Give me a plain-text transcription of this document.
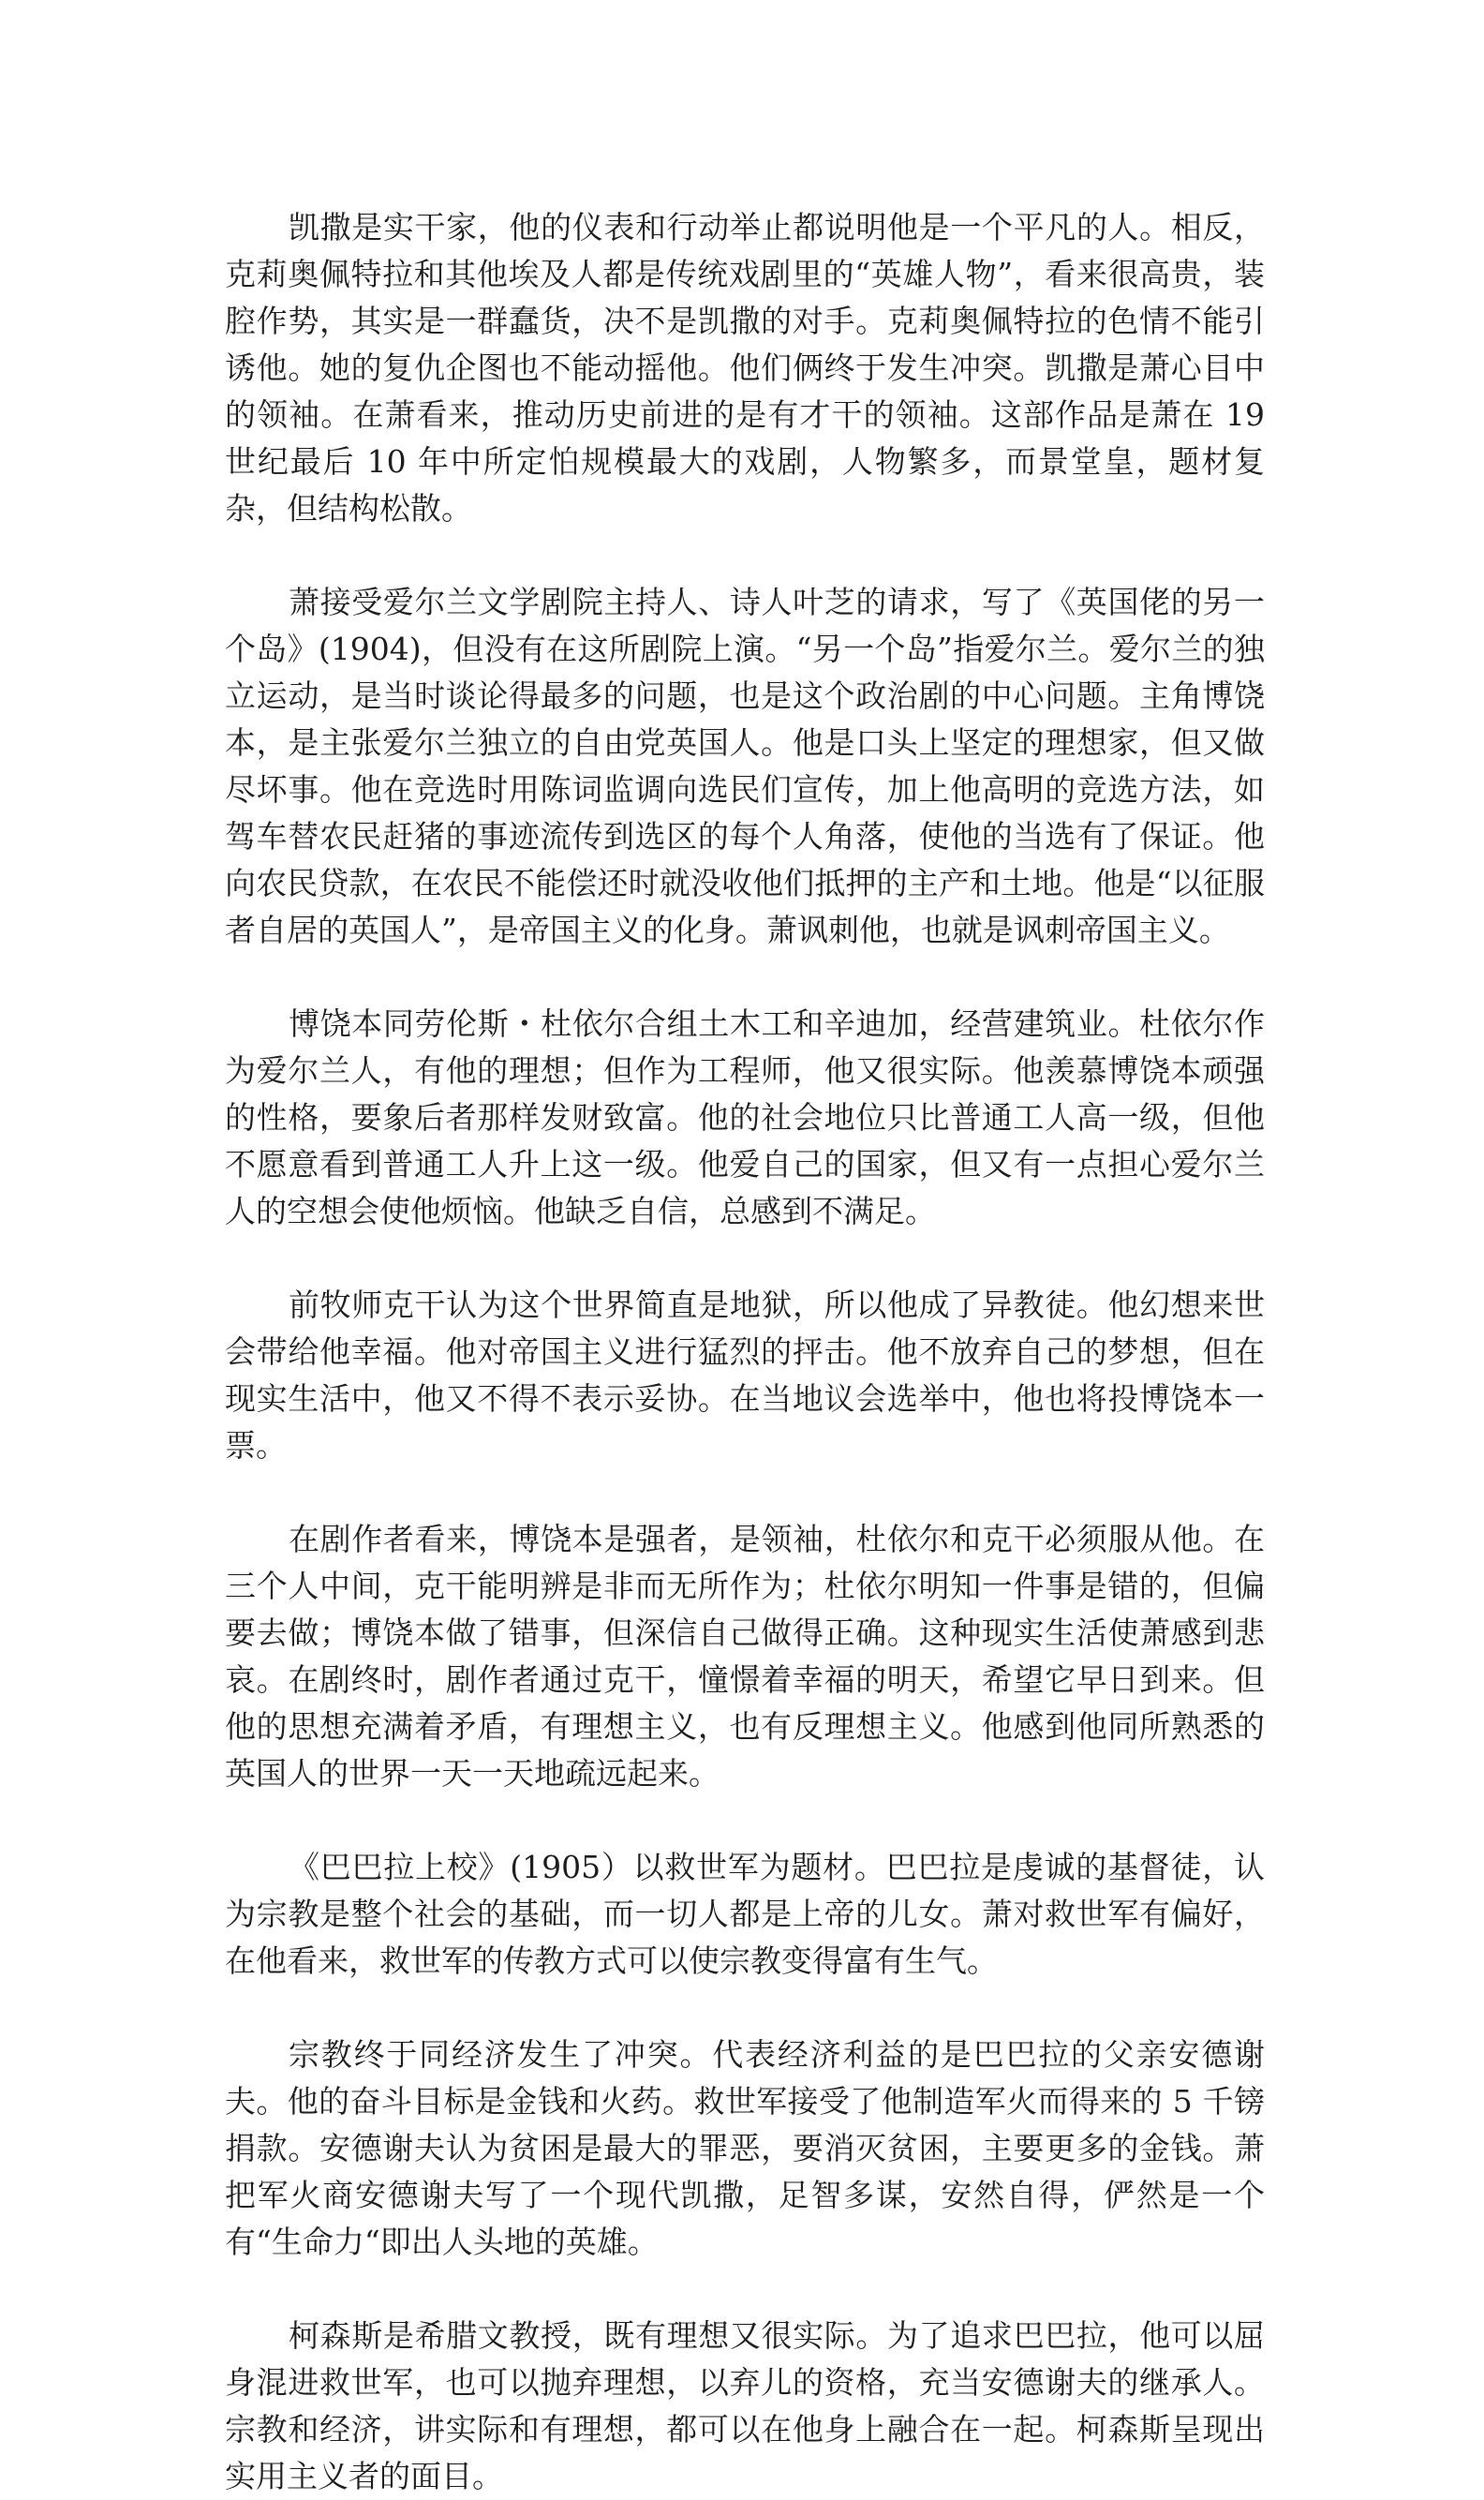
凯撒是实干家，他的仪表和行动举止都说明他是一个平凡的人。相反，克莉奥佩特拉和其他埃及人都是传统戏剧里的“英雄人物”，看来很高贵，装腔作势，其实是一群蠢货，决不是凯撒的对手。克莉奥佩特拉的色情不能引诱他。她的复仇企图也不能动摇他。他们俩终于发生冲突。凯撒是萧心目中的领袖。在萧看来，推动历史前进的是有才干的领袖。这部作品是萧在 19 世纪最后 10 年中所定怕规模最大的戏剧，人物繁多，而景堂皇，题材复杂，但结构松散。

萧接受爱尔兰文学剧院主持人、诗人叶芝的请求，写了《英国佬的另一个岛》(1904)，但没有在这所剧院上演。“另一个岛”指爱尔兰。爱尔兰的独立运动，是当时谈论得最多的问题，也是这个政治剧的中心问题。主角博饶本，是主张爱尔兰独立的自由党英国人。他是口头上坚定的理想家，但又做尽坏事。他在竞选时用陈词监调向选民们宣传，加上他高明的竞选方法，如驾车替农民赶猪的事迹流传到选区的每个人角落，使他的当选有了保证。他向农民贷款，在农民不能偿还时就没收他们抵押的主产和土地。他是“以征服者自居的英国人”，是帝国主义的化身。萧讽刺他，也就是讽刺帝国主义。

博饶本同劳伦斯・杜依尔合组土木工和辛迪加，经营建筑业。杜依尔作为爱尔兰人，有他的理想；但作为工程师，他又很实际。他羡慕博饶本顽强的性格，要象后者那样发财致富。他的社会地位只比普通工人高一级，但他不愿意看到普通工人升上这一级。他爱自己的国家，但又有一点担心爱尔兰人的空想会使他烦恼。他缺乏自信，总感到不满足。

前牧师克干认为这个世界简直是地狱，所以他成了异教徒。他幻想来世会带给他幸福。他对帝国主义进行猛烈的抨击。他不放弃自己的梦想，但在现实生活中，他又不得不表示妥协。在当地议会选举中，他也将投博饶本一票。

在剧作者看来，博饶本是强者，是领袖，杜依尔和克干必须服从他。在三个人中间，克干能明辨是非而无所作为；杜依尔明知一件事是错的，但偏要去做；博饶本做了错事，但深信自己做得正确。这种现实生活使萧感到悲哀。在剧终时，剧作者通过克干，憧憬着幸福的明天，希望它早日到来。但他的思想充满着矛盾，有理想主义，也有反理想主义。他感到他同所熟悉的英国人的世界一天一天地疏远起来。

《巴巴拉上校》(1905）以救世军为题材。巴巴拉是虔诚的基督徒，认为宗教是整个社会的基础，而一切人都是上帝的儿女。萧对救世军有偏好，在他看来，救世军的传教方式可以使宗教变得富有生气。

宗教终于同经济发生了冲突。代表经济利益的是巴巴拉的父亲安德谢夫。他的奋斗目标是金钱和火药。救世军接受了他制造军火而得来的 5 千镑捐款。安德谢夫认为贫困是最大的罪恶，要消灭贫困，主要更多的金钱。萧把军火商安德谢夫写了一个现代凯撒，足智多谋，安然自得，俨然是一个有“生命力“即出人头地的英雄。

柯森斯是希腊文教授，既有理想又很实际。为了追求巴巴拉，他可以屈身混进救世军，也可以抛弃理想，以弃儿的资格，充当安德谢夫的继承人。宗教和经济，讲实际和有理想，都可以在他身上融合在一起。柯森斯呈现出实用主义者的面目。
